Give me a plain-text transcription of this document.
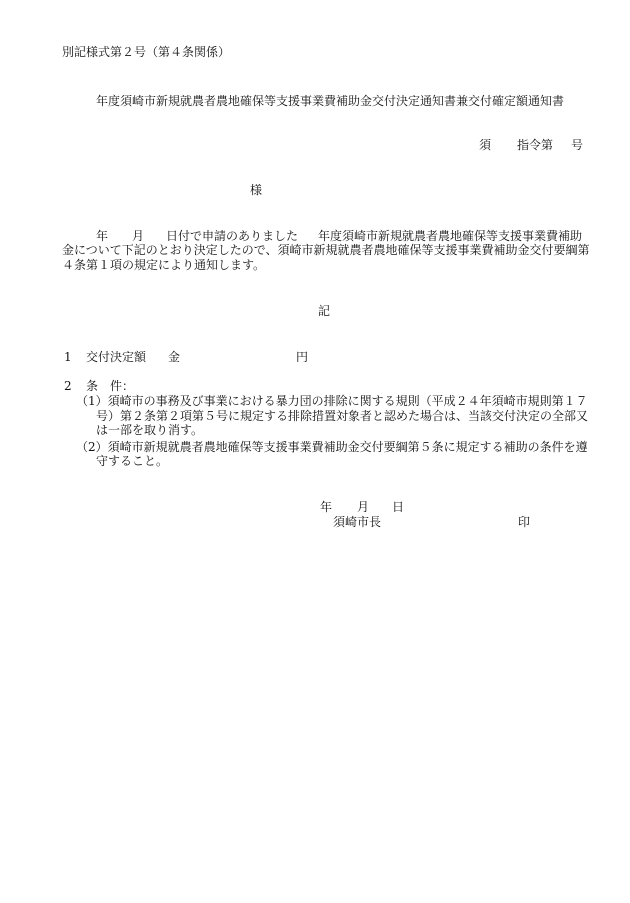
別記様式第２号（第４条関係）
年度須崎市新規就農者農地確保等支援事業費補助金交付決定通知書兼交付確定額通知書
須 指令第 号
様
年 月 日付で申請のありました 年度須崎市新規就農者農地確保等支援事業費補助
金について下記のとおり決定したので、須崎市新規就農者農地確保等支援事業費補助金交付要綱第
４条第１項の規定により通知します。
記
1 交付決定額 金	円
2 条　件：
（1）須崎市の事務及び事業における暴力団の排除に関する規則（平成２４年須崎市規則第１７
号）第２条第２項第５号に規定する排除措置対象者と認めた場合は、当該交付決定の全部又
は一部を取り消す。
（2）須崎市新規就農者農地確保等支援事業費補助金交付要綱第５条に規定する補助の条件を遵
守すること。
年 月 日
須崎市長	印
